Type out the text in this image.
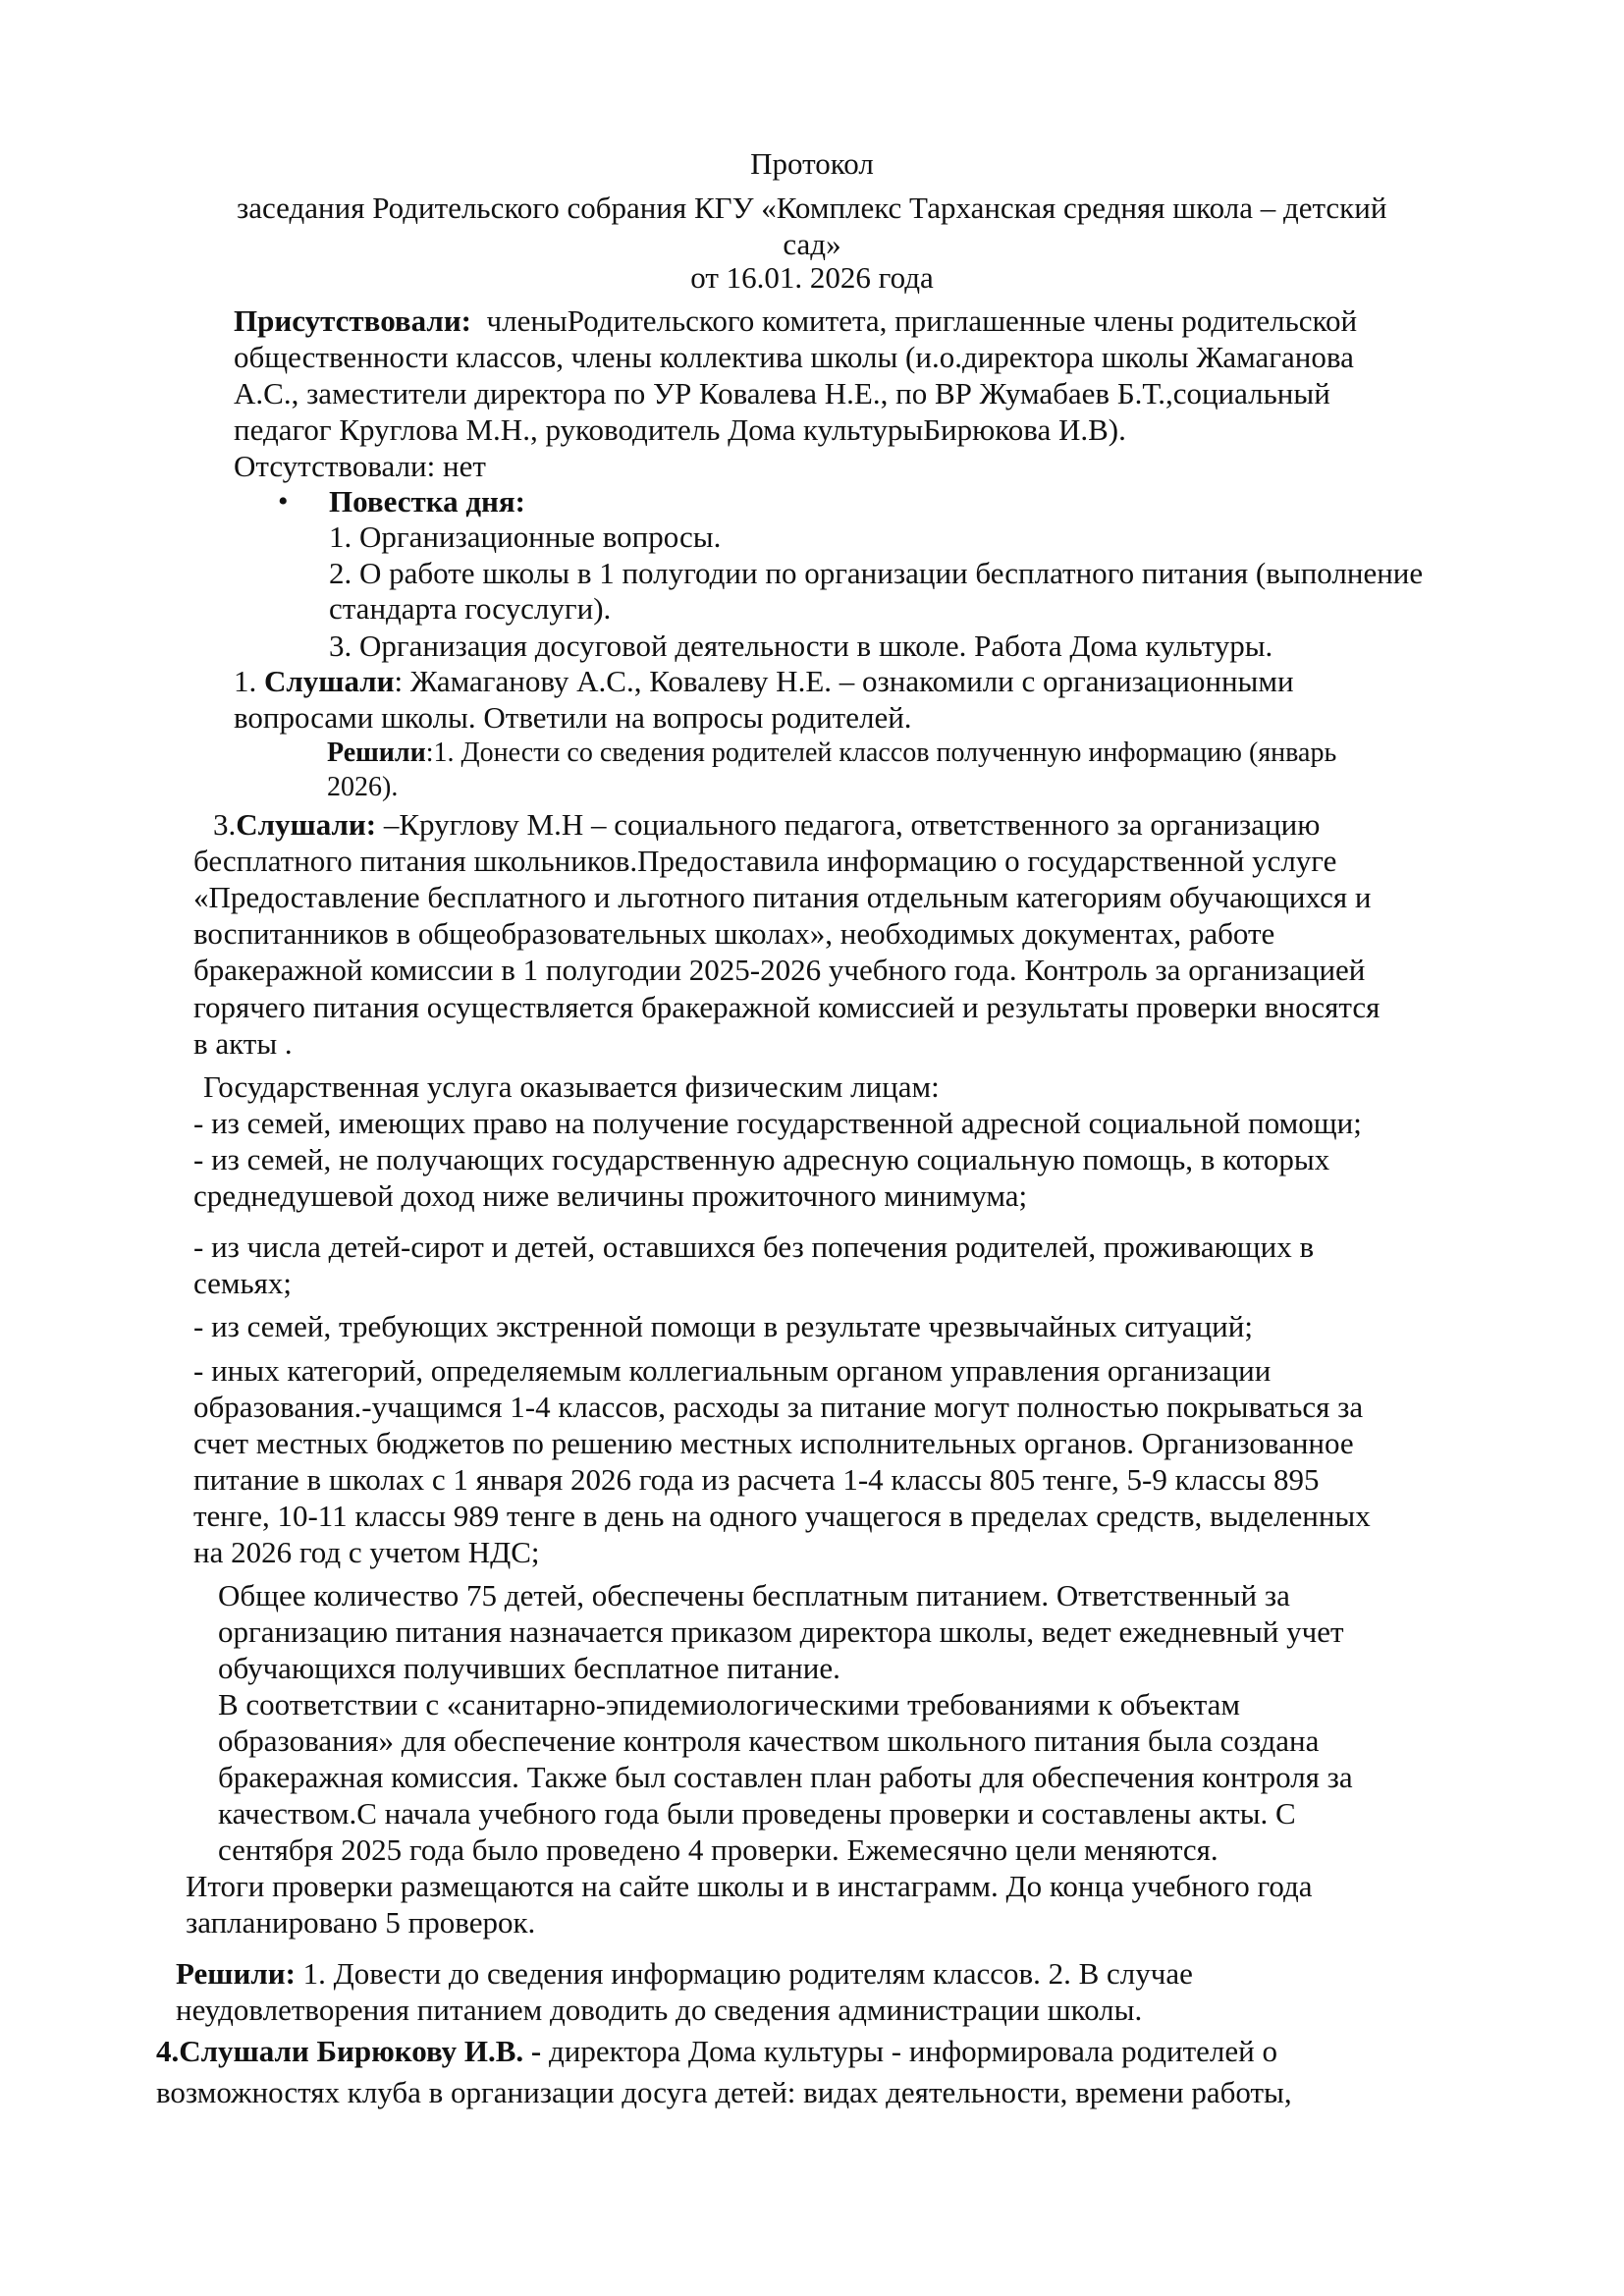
Протокол
заседания Родительского собрания КГУ «Комплекс Тарханская средняя школа – детский
сад»
от 16.01. 2026 года
Присутствовали: членыРодительского комитета, приглашенные члены родительской
общественности классов, члены коллектива школы (и.о.директора школы Жамаганова
А.С., заместители директора по УР Ковалева Н.Е., по ВР Жумабаев Б.Т.,социальный
педагог Круглова М.Н., руководитель Дома культурыБирюкова И.В).
Отсутствовали: нет
• Повестка дня:
1. Организационные вопросы.
2. О работе школы в 1 полугодии по организации бесплатного питания (выполнение
стандарта госуслуги).
3. Организация досуговой деятельности в школе. Работа Дома культуры.
1. Слушали: Жамаганову А.С., Ковалеву Н.Е. – ознакомили с организационными
вопросами школы. Ответили на вопросы родителей.
Решили:1. Донести со сведения родителей классов полученную информацию (январь
2026).
3.Слушали: –Круглову М.Н – социального педагога, ответственного за организацию
бесплатного питания школьников.Предоставила информацию о государственной услуге
«Предоставление бесплатного и льготного питания отдельным категориям обучающихся и
воспитанников в общеобразовательных школах», необходимых документах, работе
бракеражной комиссии в 1 полугодии 2025-2026 учебного года. Контроль за организацией
горячего питания осуществляется бракеражной комиссией и результаты проверки вносятся
в акты .
Государственная услуга оказывается физическим лицам:
- из семей, имеющих право на получение государственной адресной социальной помощи;
- из семей, не получающих государственную адресную социальную помощь, в которых
среднедушевой доход ниже величины прожиточного минимума;
- из числа детей-сирот и детей, оставшихся без попечения родителей, проживающих в
семьях;
- из семей, требующих экстренной помощи в результате чрезвычайных ситуаций;
- иных категорий, определяемым коллегиальным органом управления организации
образования.-учащимся 1-4 классов, расходы за питание могут полностью покрываться за
счет местных бюджетов по решению местных исполнительных органов. Организованное
питание в школах с 1 января 2026 года из расчета 1-4 классы 805 тенге, 5-9 классы 895
тенге, 10-11 классы 989 тенге в день на одного учащегося в пределах средств, выделенных
на 2026 год с учетом НДС;
Общее количество 75 детей, обеспечены бесплатным питанием. Ответственный за
организацию питания назначается приказом директора школы, ведет ежедневный учет
обучающихся получивших бесплатное питание.
В соответствии с «санитарно-эпидемиологическими требованиями к объектам
образования» для обеспечение контроля качеством школьного питания была создана
бракеражная комиссия. Также был составлен план работы для обеспечения контроля за
качеством.С начала учебного года были проведены проверки и составлены акты. С
сентября 2025 года было проведено 4 проверки. Ежемесячно цели меняются.
Итоги проверки размещаются на сайте школы и в инстаграмм. До конца учебного года
запланировано 5 проверок.
Решили: 1. Довести до сведения информацию родителям классов. 2. В случае
неудовлетворения питанием доводить до сведения администрации школы.
4.Слушали Бирюкову И.В. - директора Дома культуры - информировала родителей о
возможностях клуба в организации досуга детей: видах деятельности, времени работы,
